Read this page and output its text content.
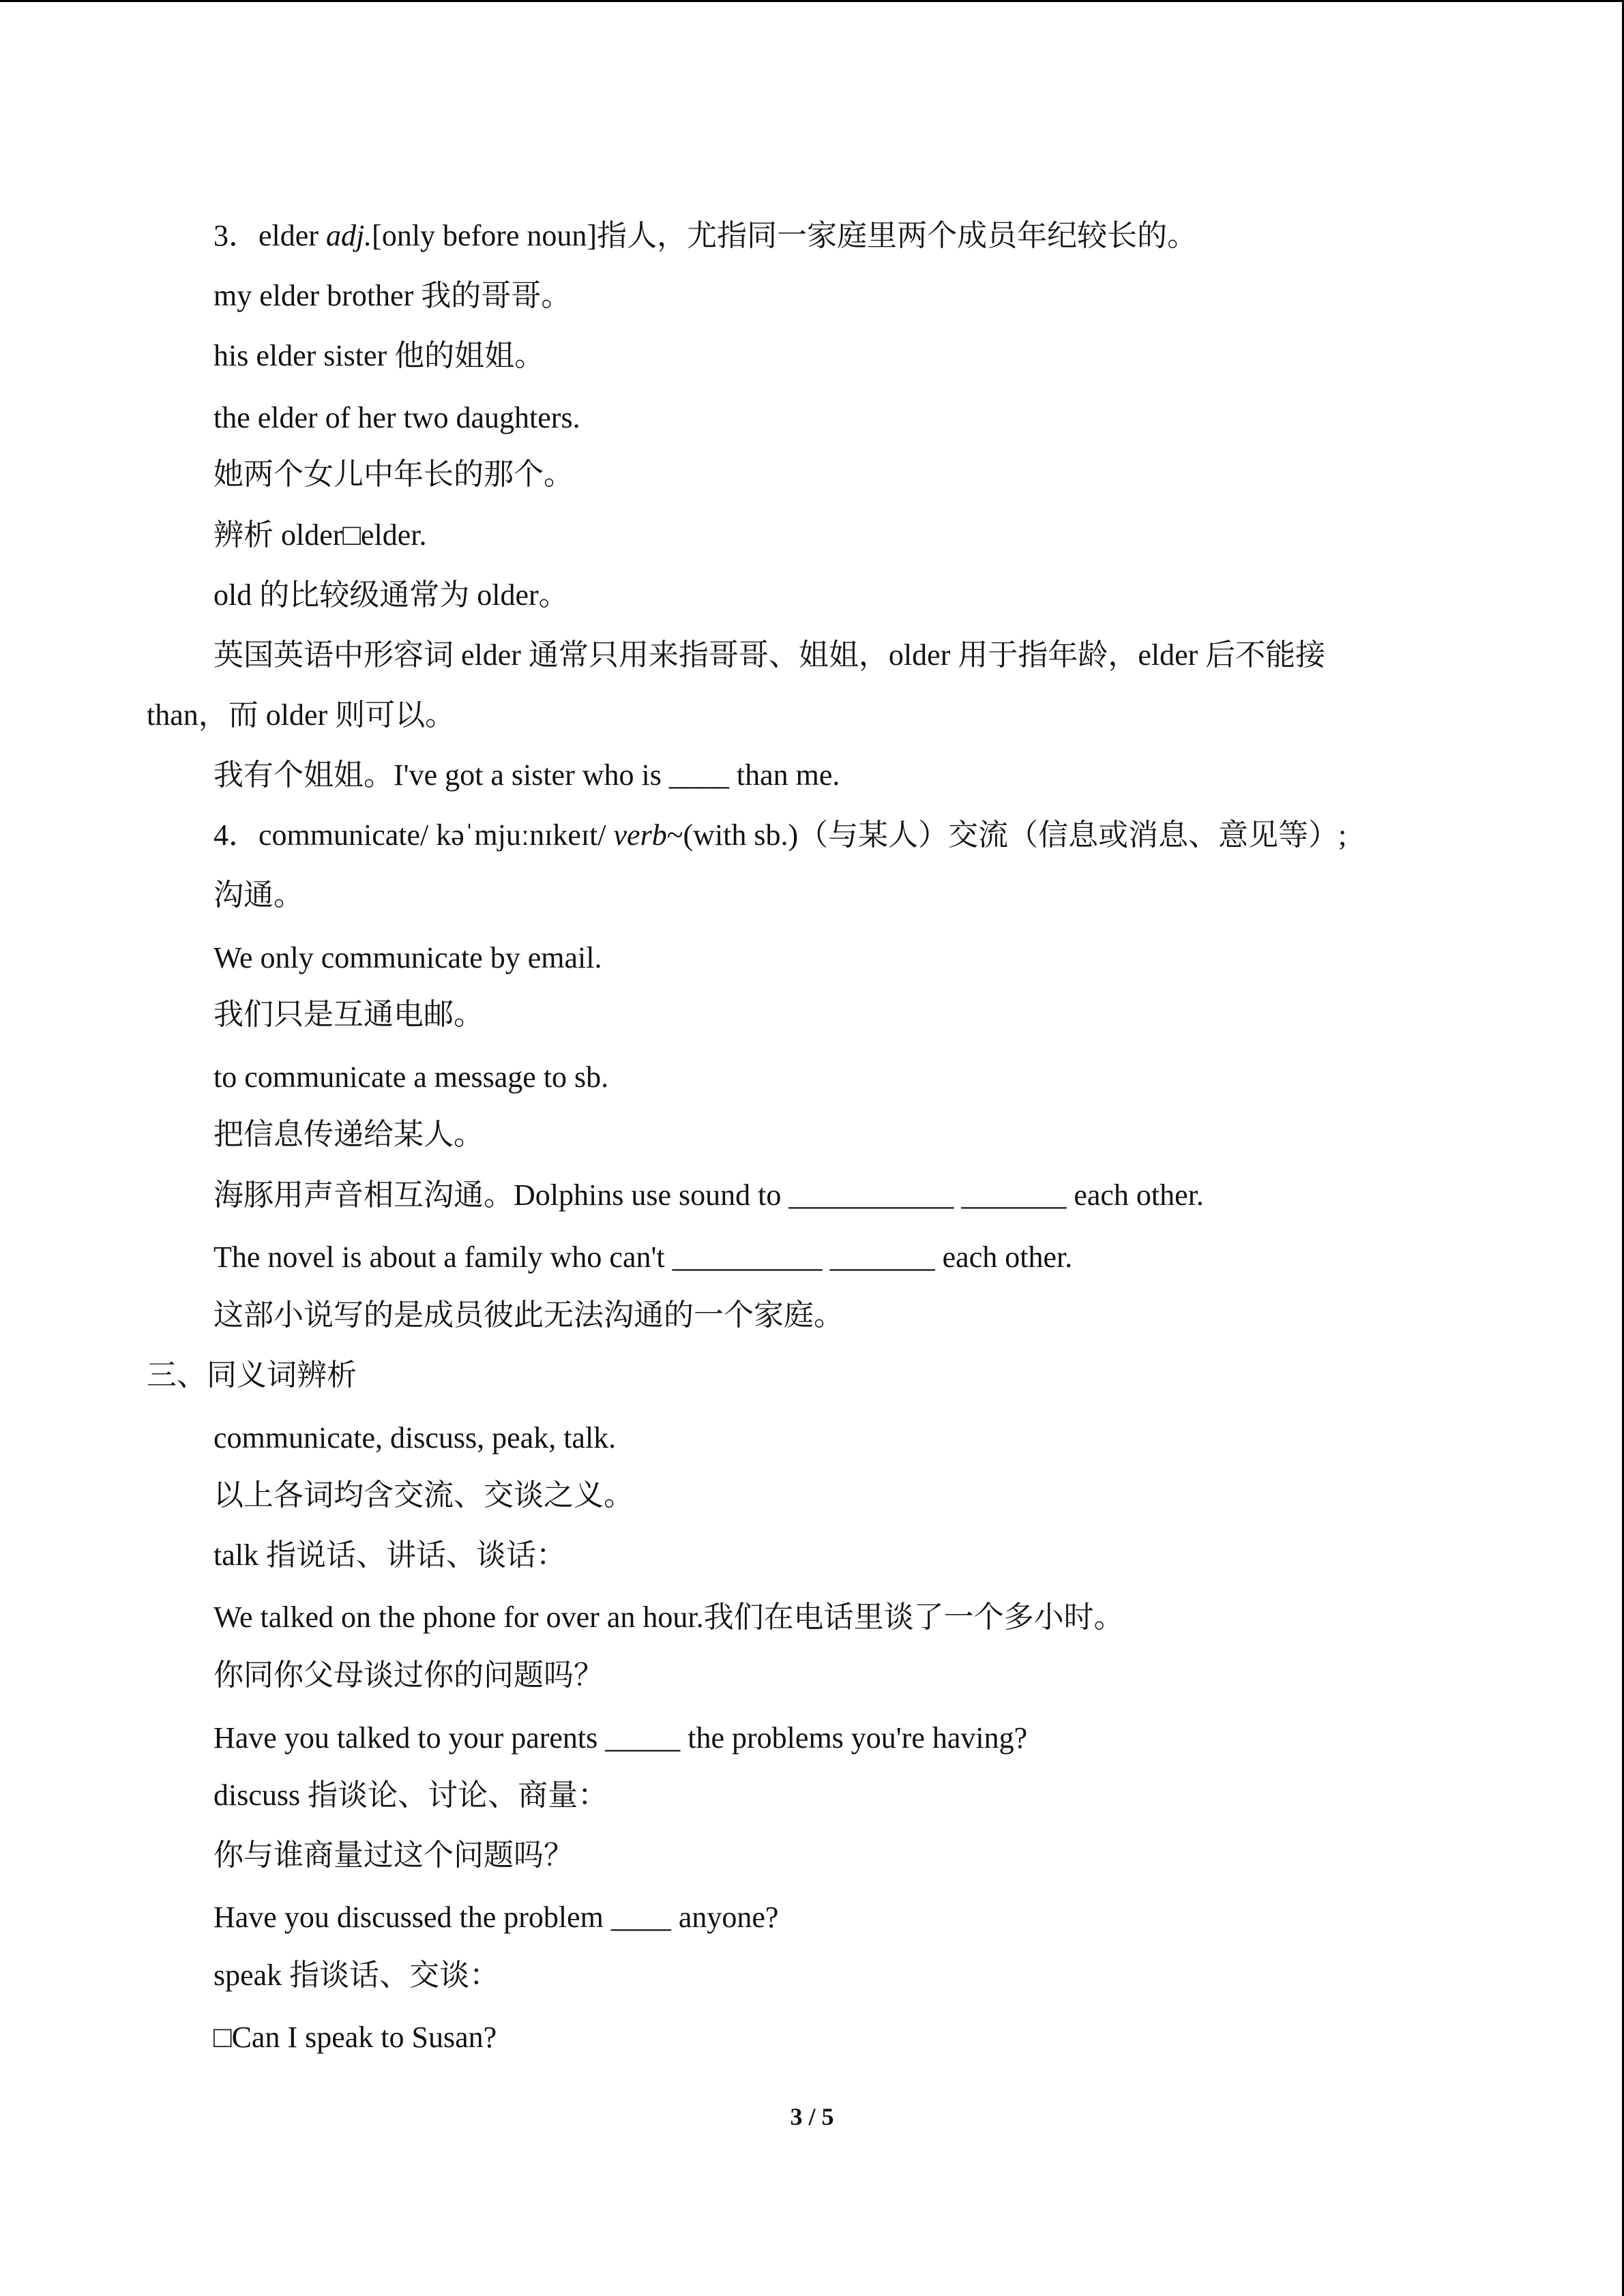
3．elder adj.[only before noun]指人，尤指同一家庭里两个成员年纪较长的。
my elder brother 我的哥哥。
his elder sister 他的姐姐。
the elder of her two daughters.
她两个女儿中年长的那个。
辨析 older□elder.
old 的比较级通常为 older。
英国英语中形容词 elder 通常只用来指哥哥、姐姐，older 用于指年龄，elder 后不能接
than，而 older 则可以。
我有个姐姐。I've got a sister who is ____ than me.
4．communicate/ kəˈmjuːnɪkeɪt/ verb~(with sb.)（与某人）交流（信息或消息、意见等）;
沟通。
We only communicate by email.
我们只是互通电邮。
to communicate a message to sb.
把信息传递给某人。
海豚用声音相互沟通。Dolphins use sound to ___________ _______ each other.
The novel is about a family who can't __________ _______ each other.
这部小说写的是成员彼此无法沟通的一个家庭。
三、同义词辨析
communicate, discuss, peak, talk.
以上各词均含交流、交谈之义。
talk 指说话、讲话、谈话：
We talked on the phone for over an hour.我们在电话里谈了一个多小时。
你同你父母谈过你的问题吗？
Have you talked to your parents _____ the problems you're having?
discuss 指谈论、讨论、商量：
你与谁商量过这个问题吗？
Have you discussed the problem ____ anyone?
speak 指谈话、交谈：
□Can I speak to Susan?
3 / 5
